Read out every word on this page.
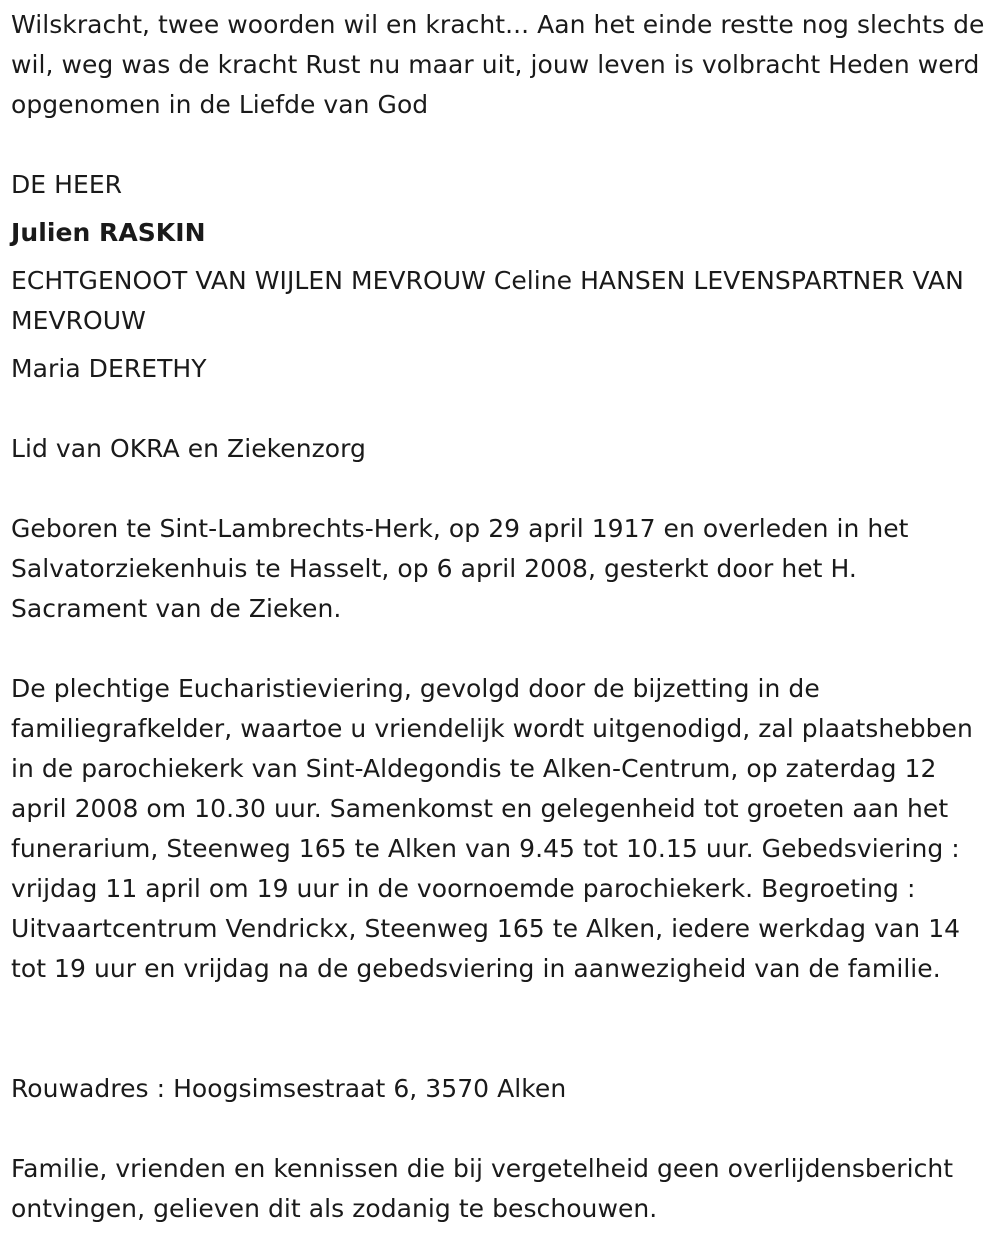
Wilskracht, twee woorden wil en kracht... Aan het einde restte nog slechts de wil, weg was de kracht Rust nu maar uit, jouw leven is volbracht Heden werd opgenomen in de Liefde van God

DE HEER

Julien RASKIN

ECHTGENOOT VAN WIJLEN MEVROUW Celine HANSEN LEVENSPARTNER VAN MEVROUW

Maria DERETHY

Lid van OKRA en Ziekenzorg

Geboren te Sint-Lambrechts-Herk, op 29 april 1917 en overleden in het Salvatorziekenhuis te Hasselt, op 6 april 2008, gesterkt door het H. Sacrament van de Zieken.

De plechtige Eucharistieviering, gevolgd door de bijzetting in de familiegrafkelder, waartoe u vriendelijk wordt uitgenodigd, zal plaatshebben in de parochiekerk van Sint-Aldegondis te Alken-Centrum, op zaterdag 12 april 2008 om 10.30 uur. Samenkomst en gelegenheid tot groeten aan het funerarium, Steenweg 165 te Alken van 9.45 tot 10.15 uur. Gebedsviering : vrijdag 11 april om 19 uur in de voornoemde parochiekerk. Begroeting : Uitvaartcentrum Vendrickx, Steenweg 165 te Alken, iedere werkdag van 14 tot 19 uur en vrijdag na de gebedsviering in aanwezigheid van de familie.

Rouwadres : Hoogsimsestraat 6, 3570 Alken

Familie, vrienden en kennissen die bij vergetelheid geen overlijdensbericht ontvingen, gelieven dit als zodanig te beschouwen.
